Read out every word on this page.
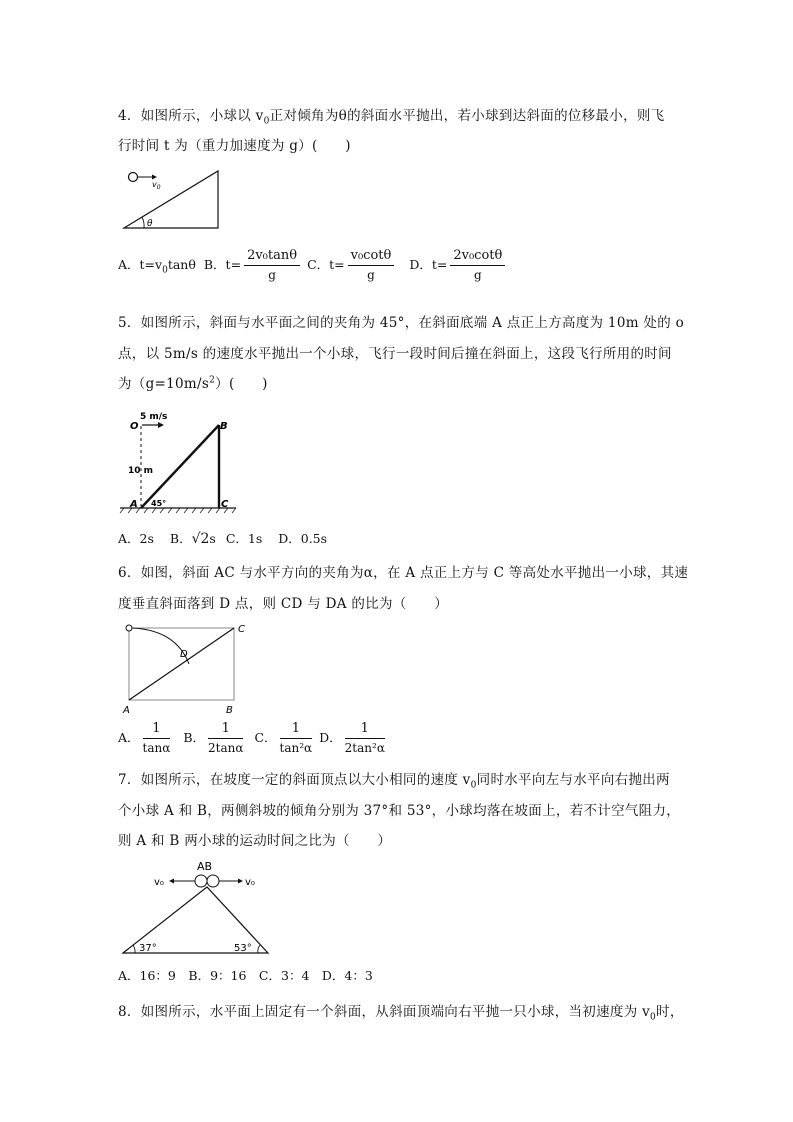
4．如图所示，小球以 $v_0$正对倾角为θ的斜面水平抛出，若小球到达斜面的位移最小，则飞
行时间 t 为（重力加速度为 g）(　　)
$v_0$
θ
A．$t=v_0\tan\theta$ B．$t= \frac{\text{2v₀tanθ}}{g}$ C．$t= \frac{\text{v₀cotθ}}{g}$ D．$t= \frac{\text{2v₀cotθ}}{g}$
5．如图所示，斜面与水平面之间的夹角为 45°，在斜面底端 A 点正上方高度为 10m 处的 o
点，以 5m/s 的速度水平抛出一个小球，飞行一段时间后撞在斜面上，这段飞行所用的时间
为$(g=10m/s^2)$(　　)
5 m/s
O
10 m
B
A 45°	C
A．2s B．√2s C．1s D．0.5s
6．如图，斜面 AC 与水平方向的夹角为α，在 A 点正上方与 C 等高处水平抛出一小球，其速
度垂直斜面落到 D 点，则 CD 与 DA 的比为（　　）
C
D
A	B
A． $\frac{1}{\tan\alpha}$ B． $\frac{1}{2\tan\alpha}$ C． $\frac{1}{\text{tan²α}}$ D． $\frac{1}{\text{2tan²α}}$
7．如图所示，在坡度一定的斜面顶点以大小相同的速度 $v_0$同时水平向左与水平向右抛出两
个小球 A 和 B，两侧斜坡的倾角分别为 37°和 53°，小球均落在坡面上，若不计空气阻力，
则 A 和 B 两小球的运动时间之比为（　　）
AB
v₀	v₀
37°	53°
A．16：9　B．9：16　C．3：4　D．4：3
8．如图所示，水平面上固定有一个斜面，从斜面顶端向右平抛一只小球，当初速度为 $v_0$时，
